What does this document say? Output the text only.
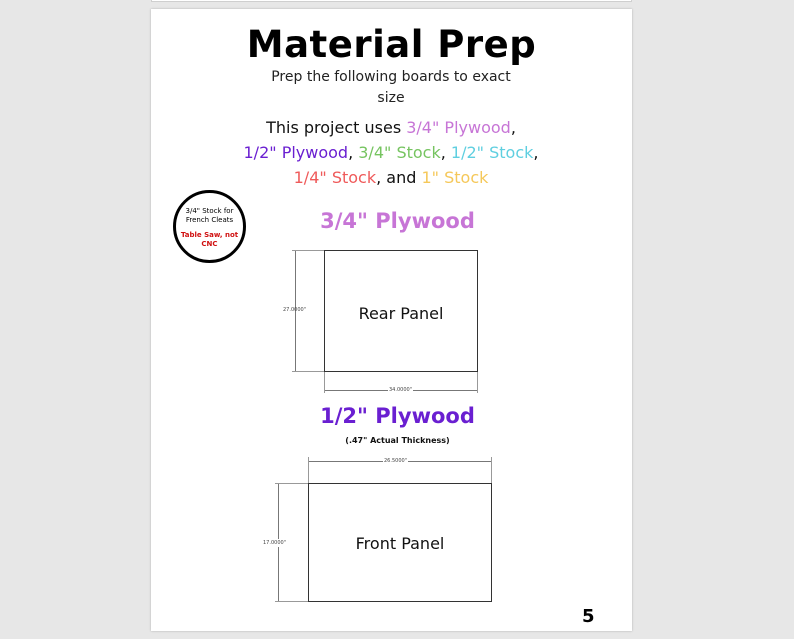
Material Prep
Prep the following boards to exact size
This project uses 3/4" Plywood,
1/2" Plywood, 3/4" Stock, 1/2" Stock,
1/4" Stock, and 1" Stock
3/4" Stock for French Cleats
Table Saw, not CNC
3/4" Plywood
Rear Panel
27.0000"
34.0000"
1/2" Plywood
(.47" Actual Thickness)
26.5000"
Front Panel
17.0000"
5
